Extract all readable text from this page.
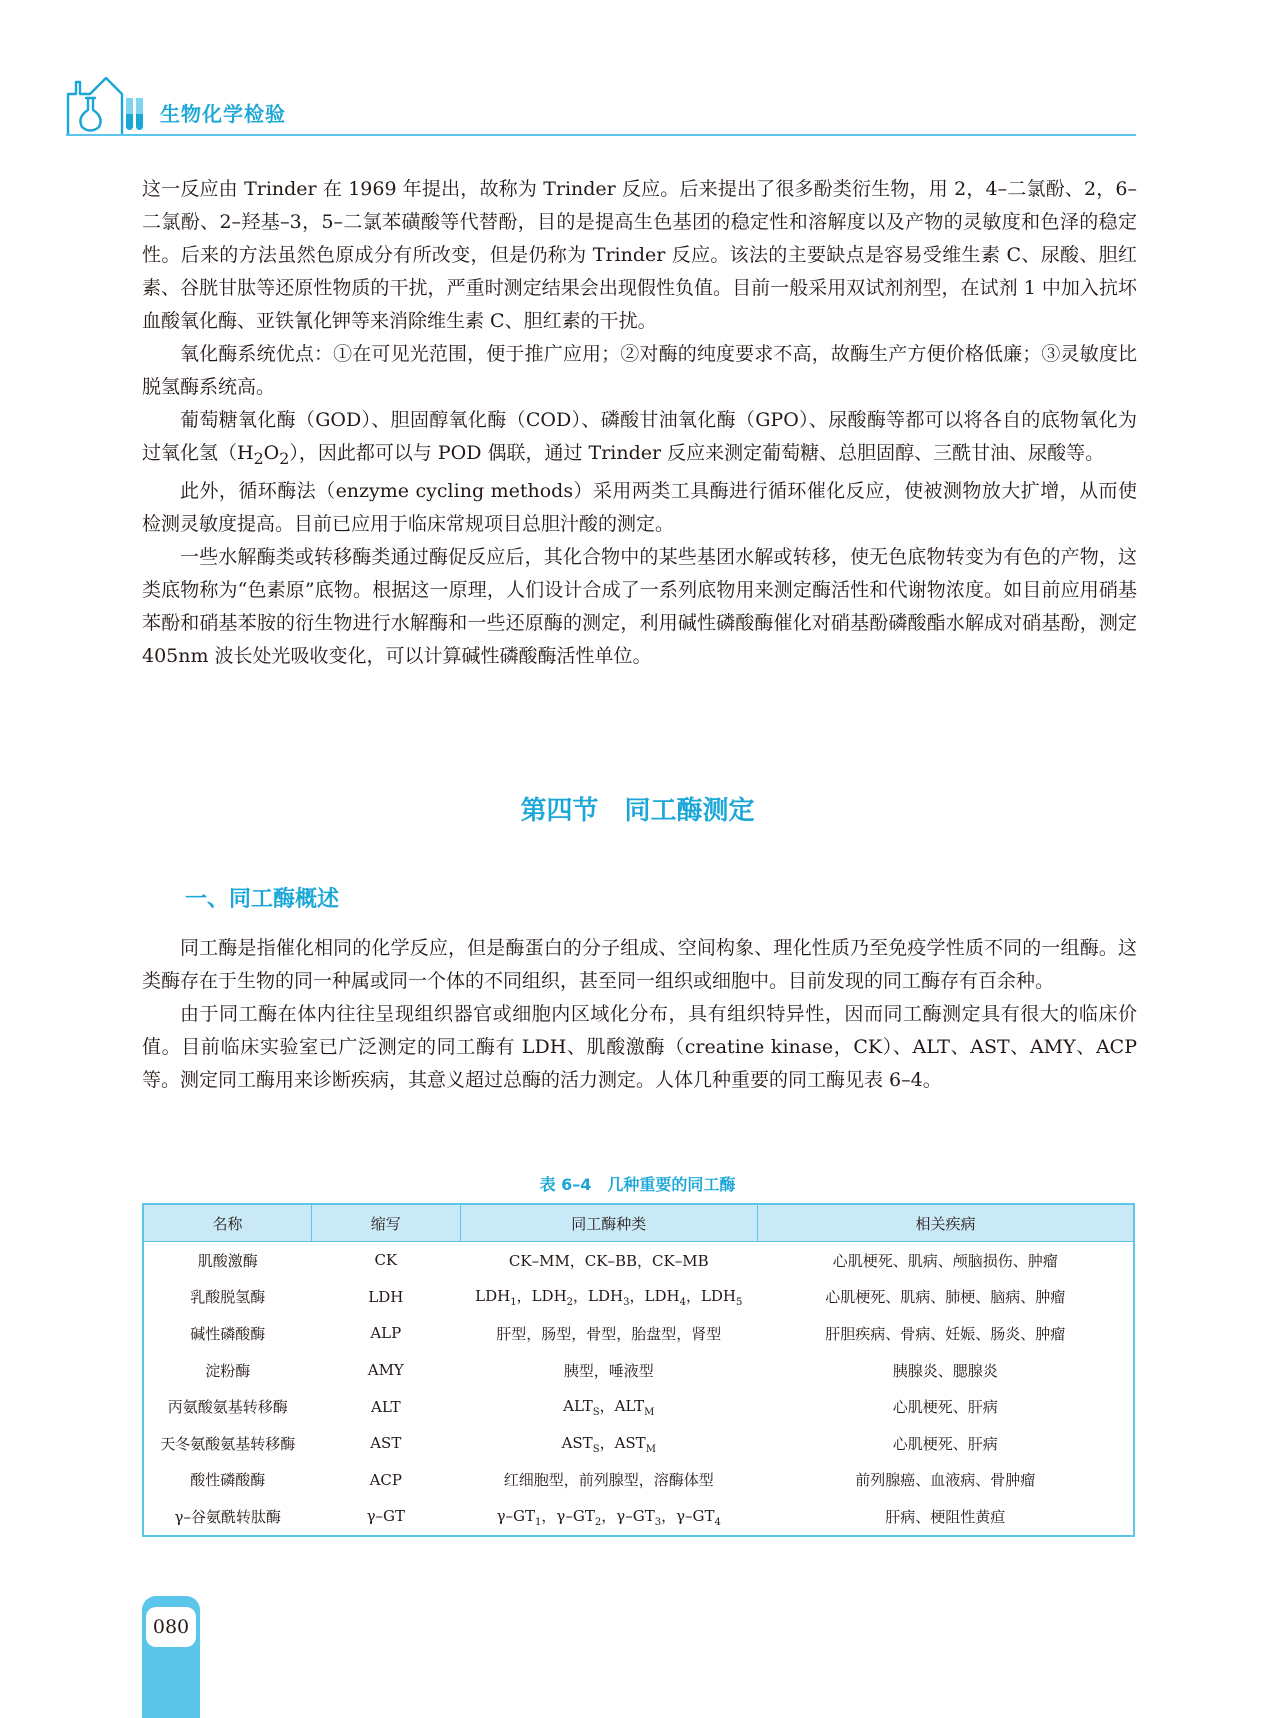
生物化学检验

这一反应由 Trinder 在 1969 年提出，故称为 Trinder 反应。后来提出了很多酚类衍生物，用 2，4–二氯酚、2，6–二氯酚、2–羟基–3，5–二氯苯磺酸等代替酚，目的是提高生色基团的稳定性和溶解度以及产物的灵敏度和色泽的稳定性。后来的方法虽然色原成分有所改变，但是仍称为 Trinder 反应。该法的主要缺点是容易受维生素 C、尿酸、胆红素、谷胱甘肽等还原性物质的干扰，严重时测定结果会出现假性负值。目前一般采用双试剂剂型，在试剂 1 中加入抗坏血酸氧化酶、亚铁氰化钾等来消除维生素 C、胆红素的干扰。

氧化酶系统优点：①在可见光范围，便于推广应用；②对酶的纯度要求不高，故酶生产方便价格低廉；③灵敏度比脱氢酶系统高。

葡萄糖氧化酶（GOD）、胆固醇氧化酶（COD）、磷酸甘油氧化酶（GPO）、尿酸酶等都可以将各自的底物氧化为过氧化氢$(H_2O_2)$，因此都可以与 POD 偶联，通过 Trinder 反应来测定葡萄糖、总胆固醇、三酰甘油、尿酸等。

此外，循环酶法（enzyme cycling methods）采用两类工具酶进行循环催化反应，使被测物放大扩增，从而使检测灵敏度提高。目前已应用于临床常规项目总胆汁酸的测定。

一些水解酶类或转移酶类通过酶促反应后，其化合物中的某些基团水解或转移，使无色底物转变为有色的产物，这类底物称为“色素原”底物。根据这一原理，人们设计合成了一系列底物用来测定酶活性和代谢物浓度。如目前应用硝基苯酚和硝基苯胺的衍生物进行水解酶和一些还原酶的测定，利用碱性磷酸酶催化对硝基酚磷酸酯水解成对硝基酚，测定 405nm 波长处光吸收变化，可以计算碱性磷酸酶活性单位。

第四节　同工酶测定
一、同工酶概述

同工酶是指催化相同的化学反应，但是酶蛋白的分子组成、空间构象、理化性质乃至免疫学性质不同的一组酶。这类酶存在于生物的同一种属或同一个体的不同组织，甚至同一组织或细胞中。目前发现的同工酶存有百余种。

由于同工酶在体内往往呈现组织器官或细胞内区域化分布，具有组织特异性，因而同工酶测定具有很大的临床价值。目前临床实验室已广泛测定的同工酶有 LDH、肌酸激酶（creatine kinase，CK）、ALT、AST、AMY、ACP 等。测定同工酶用来诊断疾病，其意义超过总酶的活力测定。人体几种重要的同工酶见表 6–4。

表 6–4　几种重要的同工酶
名称	缩写	同工酶种类	相关疾病
肌酸激酶	CK	CK–MM，CK–BB，CK–MB	心肌梗死、肌病、颅脑损伤、肿瘤
乳酸脱氢酶	LDH	$LDH_1$，$LDH_2$，$LDH_3$，$LDH_4$，$LDH_5$	心肌梗死、肌病、肺梗、脑病、肿瘤
碱性磷酸酶	ALP	肝型，肠型，骨型，胎盘型，肾型	肝胆疾病、骨病、妊娠、肠炎、肿瘤
淀粉酶	AMY	胰型，唾液型	胰腺炎、腮腺炎
丙氨酸氨基转移酶	ALT	$ALT_S$，$ALT_M$	心肌梗死、肝病
天冬氨酸氨基转移酶	AST	$AST_S$，$AST_M$	心肌梗死、肝病
酸性磷酸酶	ACP	红细胞型，前列腺型，溶酶体型	前列腺癌、血液病、骨肿瘤
γ–谷氨酰转肽酶	γ–GT	$\gamma-GT_1$，$\gamma-GT_2$，$\gamma-GT_3$，$\gamma-GT_4$	肝病、梗阻性黄疸
080
